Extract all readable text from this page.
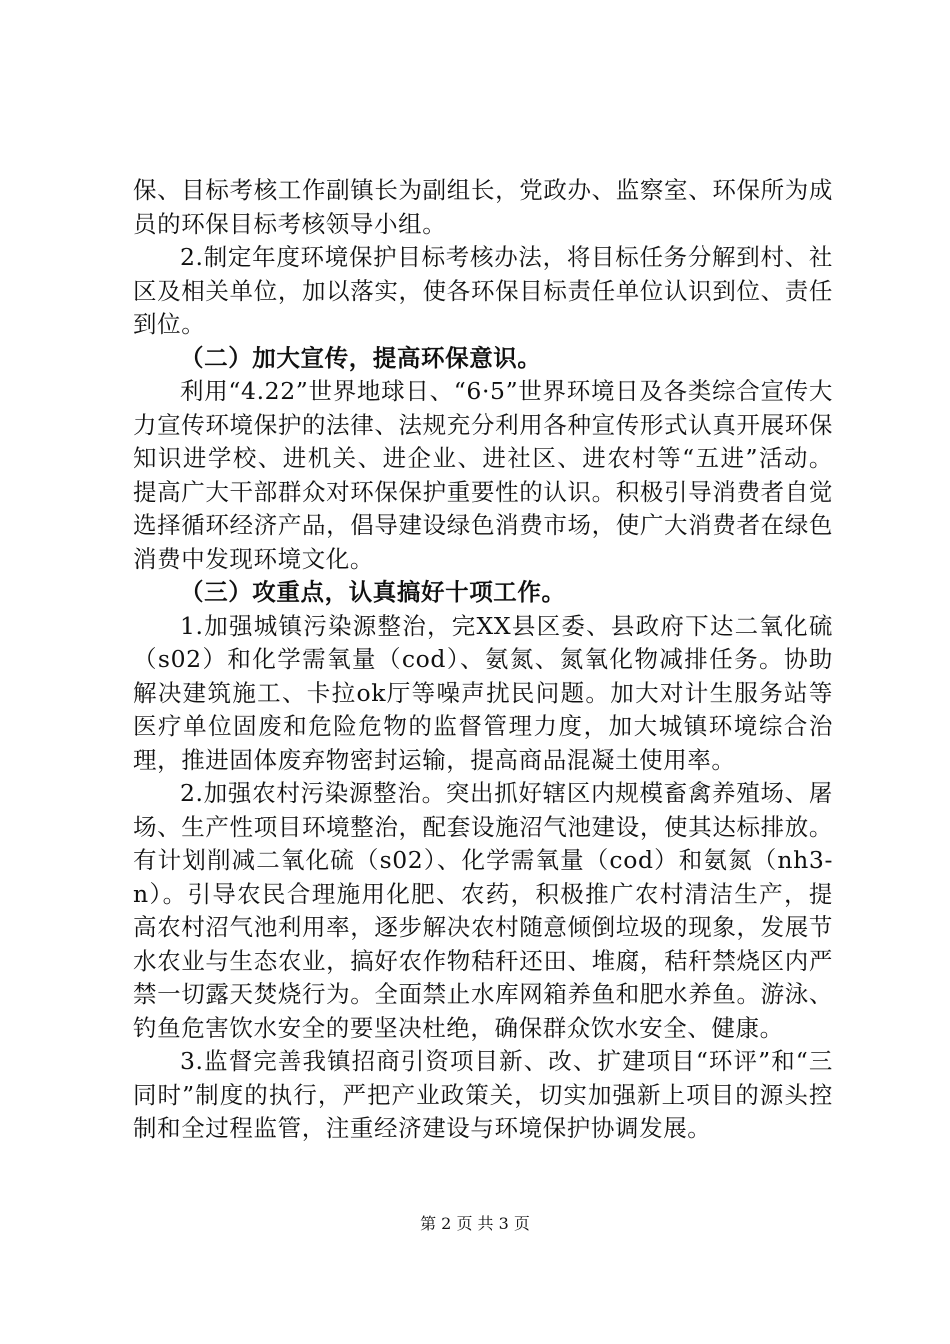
保、目标考核工作副镇长为副组长，党政办、监察室、环保所为成员的环保目标考核领导小组。

2.制定年度环境保护目标考核办法，将目标任务分解到村、社区及相关单位，加以落实，使各环保目标责任单位认识到位、责任到位。

（二）加大宣传，提高环保意识。

利用“4.22”世界地球日、“6·5”世界环境日及各类综合宣传大力宣传环境保护的法律、法规充分利用各种宣传形式认真开展环保知识进学校、进机关、进企业、进社区、进农村等“五进”活动。提高广大干部群众对环保保护重要性的认识。积极引导消费者自觉选择循环经济产品，倡导建设绿色消费市场，使广大消费者在绿色消费中发现环境文化。

（三）攻重点，认真搞好十项工作。

1.加强城镇污染源整治，完XX县区委、县政府下达二氧化硫（s02）和化学需氧量（cod）、氨氮、氮氧化物减排任务。协助解决建筑施工、卡拉ok厅等噪声扰民问题。加大对计生服务站等医疗单位固废和危险危物的监督管理力度，加大城镇环境综合治理，推进固体废弃物密封运输，提高商品混凝土使用率。

2.加强农村污染源整治。突出抓好辖区内规模畜禽养殖场、屠场、生产性项目环境整治，配套设施沼气池建设，使其达标排放。有计划削减二氧化硫（s02）、化学需氧量（cod）和氨氮（nh3-n）。引导农民合理施用化肥、农药，积极推广农村清洁生产，提高农村沼气池利用率，逐步解决农村随意倾倒垃圾的现象，发展节水农业与生态农业，搞好农作物秸秆还田、堆腐，秸秆禁烧区内严禁一切露天焚烧行为。全面禁止水库网箱养鱼和肥水养鱼。游泳、钓鱼危害饮水安全的要坚决杜绝，确保群众饮水安全、健康。

3.监督完善我镇招商引资项目新、改、扩建项目“环评”和“三同时”制度的执行，严把产业政策关，切实加强新上项目的源头控制和全过程监管，注重经济建设与环境保护协调发展。

第 2 页 共 3 页
